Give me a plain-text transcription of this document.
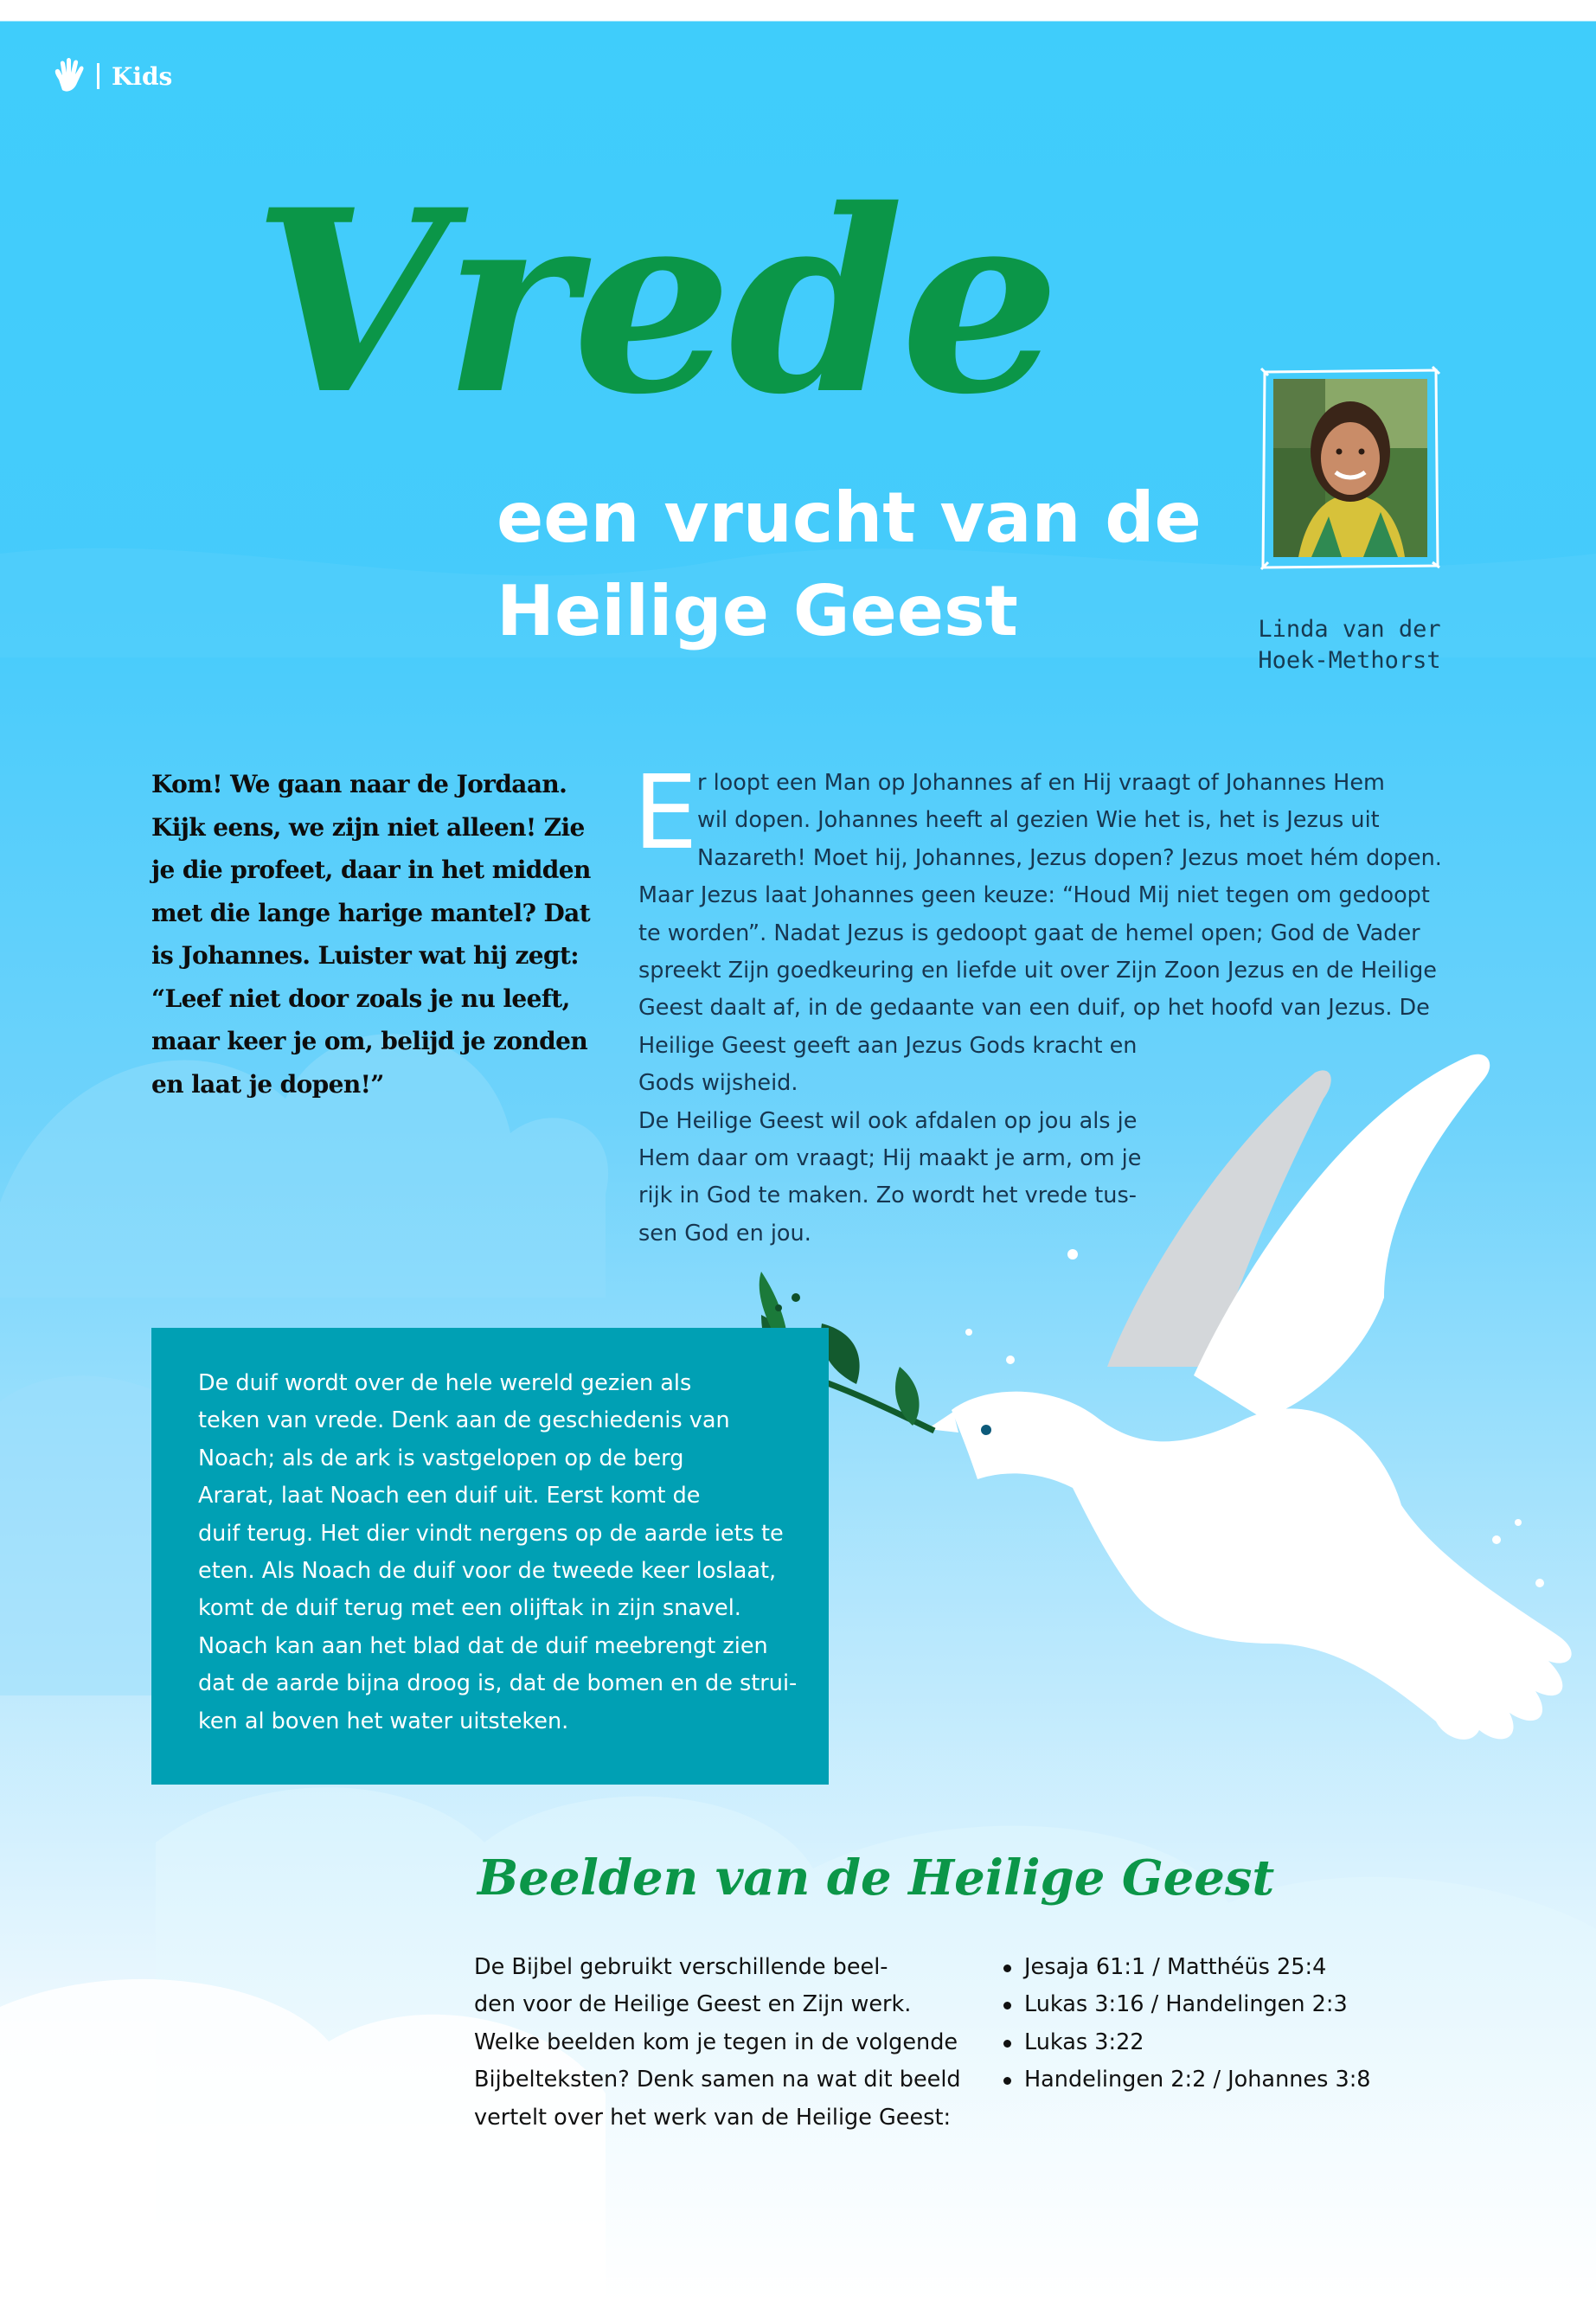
Kids
Vrede
een vrucht van de
Heilige Geest	Linda van der
Hoek-Methorst

Kom! We gaan naar de Jordaan.
Kijk eens, we zijn niet alleen! Zie
je die profeet, daar in het midden
met die lange harige mantel? Dat
is Johannes. Luister wat hij zegt:
“Leef niet door zoals je nu leeft,
maar keer je om, belijd je zonden
en laat je dopen!”

E r loopt een Man op Johannes af en Hij vraagt of Johannes Hem
wil dopen. Johannes heeft al gezien Wie het is, het is Jezus uit
Nazareth! Moet hij, Johannes, Jezus dopen? Jezus moet hém dopen.
Maar Jezus laat Johannes geen keuze: “Houd Mij niet tegen om gedoopt
te worden”. Nadat Jezus is gedoopt gaat de hemel open; God de Vader
spreekt Zijn goedkeuring en liefde uit over Zijn Zoon Jezus en de Heilige
Geest daalt af, in de gedaante van een duif, op het hoofd van Jezus. De
Heilige Geest geeft aan Jezus Gods kracht en
Gods wijsheid.
De Heilige Geest wil ook afdalen op jou als je
Hem daar om vraagt; Hij maakt je arm, om je
rijk in God te maken. Zo wordt het vrede tus-
sen God en jou.

De duif wordt over de hele wereld gezien als
teken van vrede. Denk aan de geschiedenis van
Noach; als de ark is vastgelopen op de berg
Ararat, laat Noach een duif uit. Eerst komt de
duif terug. Het dier vindt nergens op de aarde iets te
eten. Als Noach de duif voor de tweede keer loslaat,
komt de duif terug met een olijftak in zijn snavel.
Noach kan aan het blad dat de duif meebrengt zien
dat de aarde bijna droog is, dat de bomen en de strui-
ken al boven het water uitsteken.

Beelden van de Heilige Geest

De Bijbel gebruikt verschillende beel-
den voor de Heilige Geest en Zijn werk.
Welke beelden kom je tegen in de volgende
Bijbelteksten? Denk samen na wat dit beeld
vertelt over het werk van de Heilige Geest:

Jesaja 61:1 / Matthéüs 25:4
Lukas 3:16 / Handelingen 2:3
Lukas 3:22
Handelingen 2:2 / Johannes 3:8
